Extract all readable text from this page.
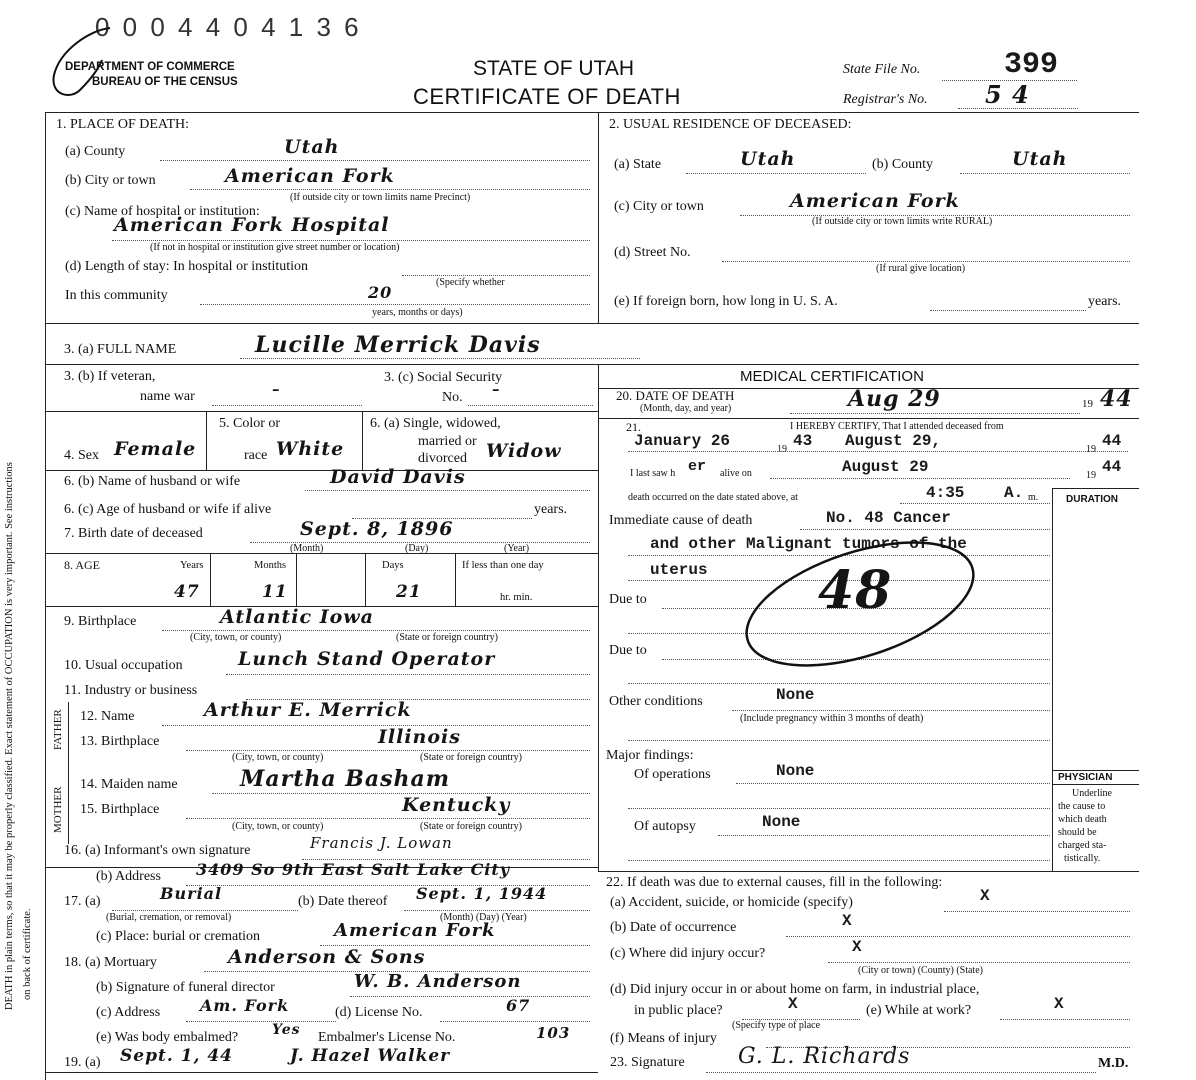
DEATH in plain terms, so that it may be properly classified. Exact statement of OCCUPATION is very important. See instructions on back of certificate.
0 0 0 4 4 0 4 1 3 6
DEPARTMENT OF COMMERCE
BUREAU OF THE CENSUS
STATE OF UTAH
CERTIFICATE OF DEATH
State File No.	399
Registrar's No. 5 4
1. PLACE OF DEATH:
(a) County	Utah
(b) City or town	American Fork
(If outside city or town limits name Precinct)
(c) Name of hospital or institution:
American Fork Hospital
(If not in hospital or institution give street number or location)
(d) Length of stay: In hospital or institution
(Specify whether
In this community	20
years, months or days)
2. USUAL RESIDENCE OF DECEASED:
(a) State	Utah	(b) County	Utah
(c) City or town	American Fork
(If outside city or town limits write RURAL)
(d) Street No.
(If rural give location)
(e) If foreign born, how long in U. S. A.	years.
3. (a) FULL NAME	Lucille Merrick Davis
3. (b) If veteran,
name war	–
3. (c) Social Security
No. –
MEDICAL CERTIFICATION
20. DATE OF DEATH
(Month, day, and year)	Aug 29	19 44
4. Sex Female
5. Color or
race White
6. (a) Single, widowed,
married or
divorced Widow
21.	I HEREBY CERTIFY, That I attended deceased from
January 26	19 43 August 29,	19 44
I last saw h er alive on	August 29	19 44
death occurred on the date stated above, at	4:35 A. m.	DURATION
6. (b) Name of husband or wife	David Davis
6. (c) Age of husband or wife if alive	years.
7. Birth date of deceased	Sept. 8, 1896
(Month)	(Day)	(Year)
Immediate cause of death	No. 48 Cancer
and other Malignant tumors of the
uterus
Due to
Due to
48
8. AGE	Years	Months	Days	If less than one day
47	11	21	hr. min.
9. Birthplace	Atlantic Iowa
(City, town, or county)	(State or foreign country)
10. Usual occupation	Lunch Stand Operator
11. Industry or business
FATHER
MOTHER
12. Name	Arthur E. Merrick
13. Birthplace	Illinois
(City, town, or county)	(State or foreign country)
14. Maiden name	Martha Basham
15. Birthplace	Kentucky
(City, town, or county)	(State or foreign country)
Other conditions	None
(Include pregnancy within 3 months of death)
Major findings:
Of operations	None
Of autopsy	None
PHYSICIAN
Underline
the cause to
which death
should be
charged sta-
tistically.
16. (a) Informant's own signature	Francis J. Lowan
(b) Address 3409 So 9th East Salt Lake City
17. (a)	Burial
(Burial, cremation, or removal)
(b) Date thereof Sept. 1, 1944
(Month) (Day) (Year)
(c) Place: burial or cremation	American Fork
18. (a) Mortuary	Anderson & Sons
(b) Signature of funeral director	W. B. Anderson
(c) Address Am. Fork	(d) License No.	67
(e) Was body embalmed? Yes Embalmer's License No.	103
19. (a) Sept. 1, 44	J. Hazel Walker
22. If death was due to external causes, fill in the following:
(a) Accident, suicide, or homicide (specify)	X
(b) Date of occurrence	X
(c) Where did injury occur?	X
(City or town) (County) (State)
(d) Did injury occur in or about home on farm, in industrial place,
in public place?	X	(e) While at work?	X
(Specify type of place
(f) Means of injury
23. Signature G. L. Richards	M.D.
